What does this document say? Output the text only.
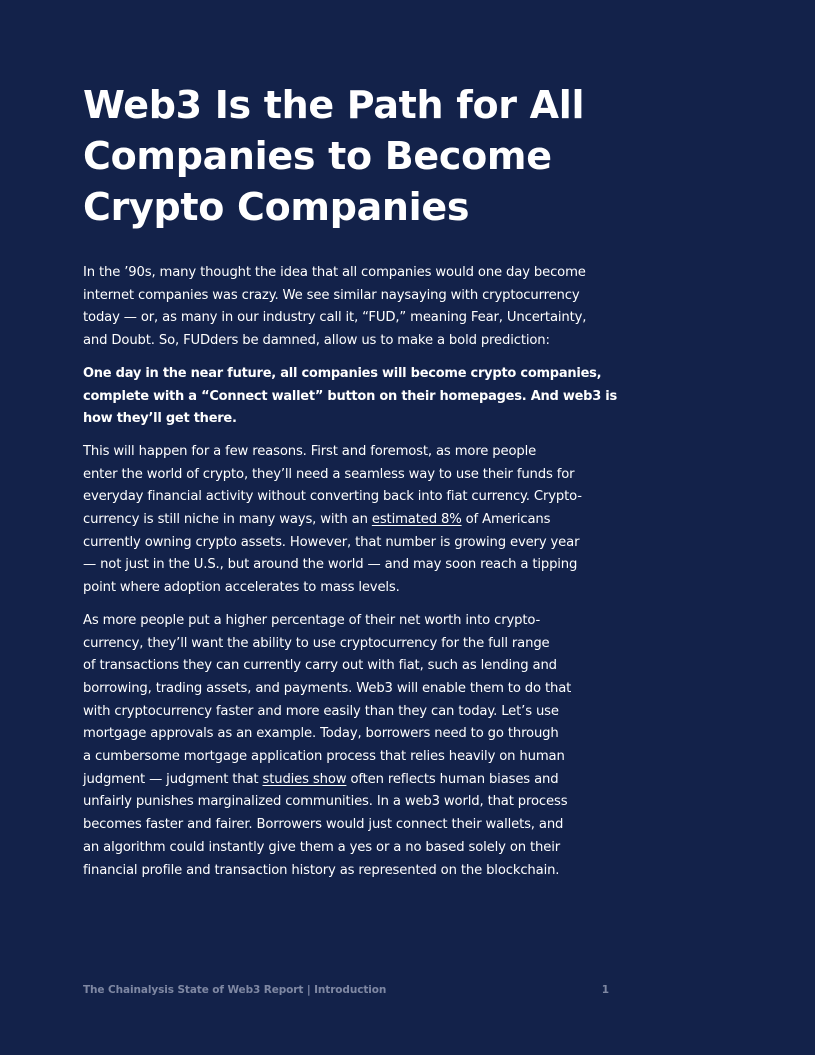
Web3 Is the Path for All
Companies to Become
Crypto Companies

In the ’90s, many thought the idea that all companies would one day become
internet companies was crazy. We see similar naysaying with cryptocurrency
today — or, as many in our industry call it, “FUD,” meaning Fear, Uncertainty,
and Doubt. So, FUDders be damned, allow us to make a bold prediction:

One day in the near future, all companies will become crypto companies,
complete with a “Connect wallet” button on their homepages. And web3 is
how they’ll get there.

This will happen for a few reasons. First and foremost, as more people
enter the world of crypto, they’ll need a seamless way to use their funds for
everyday financial activity without converting back into fiat currency. Crypto-
currency is still niche in many ways, with an estimated 8% of Americans
currently owning crypto assets. However, that number is growing every year
— not just in the U.S., but around the world — and may soon reach a tipping
point where adoption accelerates to mass levels.

As more people put a higher percentage of their net worth into crypto-
currency, they’ll want the ability to use cryptocurrency for the full range
of transactions they can currently carry out with fiat, such as lending and
borrowing, trading assets, and payments. Web3 will enable them to do that
with cryptocurrency faster and more easily than they can today. Let’s use
mortgage approvals as an example. Today, borrowers need to go through
a cumbersome mortgage application process that relies heavily on human
judgment — judgment that studies show often reflects human biases and
unfairly punishes marginalized communities. In a web3 world, that process
becomes faster and fairer. Borrowers would just connect their wallets, and
an algorithm could instantly give them a yes or a no based solely on their
financial profile and transaction history as represented on the blockchain.

The Chainalysis State of Web3 Report | Introduction	1
